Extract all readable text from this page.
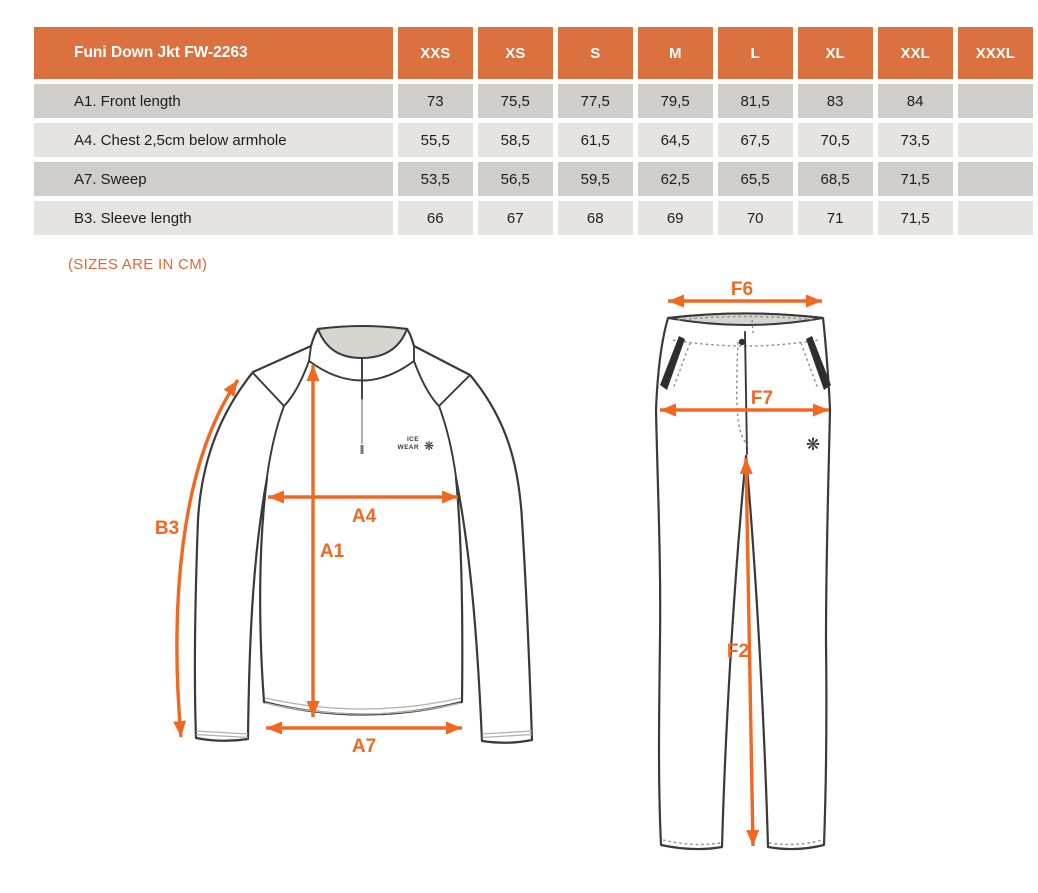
Funi Down Jkt FW-2263	XXS	XS	S	M	L	XL	XXL	XXXL
A1. Front length	73	75,5	77,5	79,5	81,5	83	84	
A4. Chest 2,5cm below armhole	55,5	58,5	61,5	64,5	67,5	70,5	73,5	
A7. Sweep	53,5	56,5	59,5	62,5	65,5	68,5	71,5	
B3. Sleeve length	66	67	68	69	70	71	71,5	
(SIZES ARE IN CM)
ICE
WEAR ❋
B3
A4
A1
A7
❋
F6
F7
F2
